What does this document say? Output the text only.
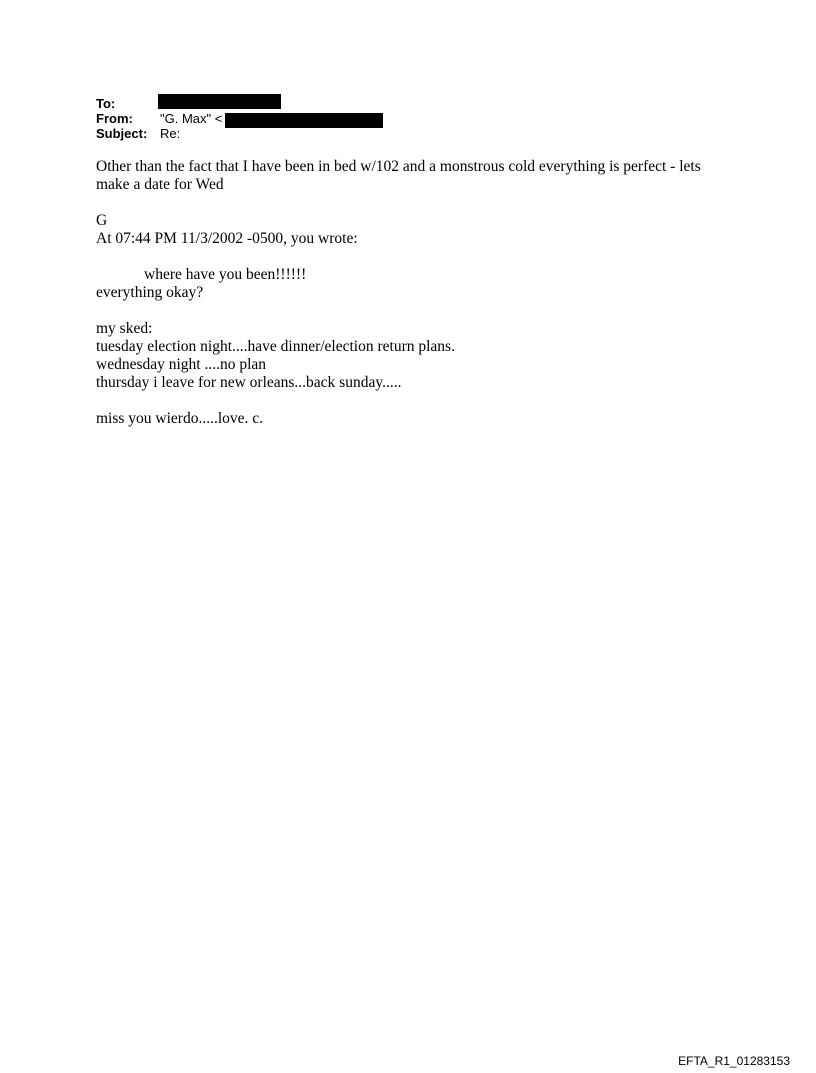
To:
From: "G. Max" <
Subject: Re:

Other than the fact that I have been in bed w/102 and a monstrous cold everything is perfect - lets make a date for Wed

G

At 07:44 PM 11/3/2002 -0500, you wrote:

where have you been!!!!!!

everything okay?

my sked:

tuesday election night....have dinner/election return plans.

wednesday night ....no plan

thursday i leave for new orleans...back sunday.....

miss you wierdo.....love. c.

EFTA_R1_01283153
